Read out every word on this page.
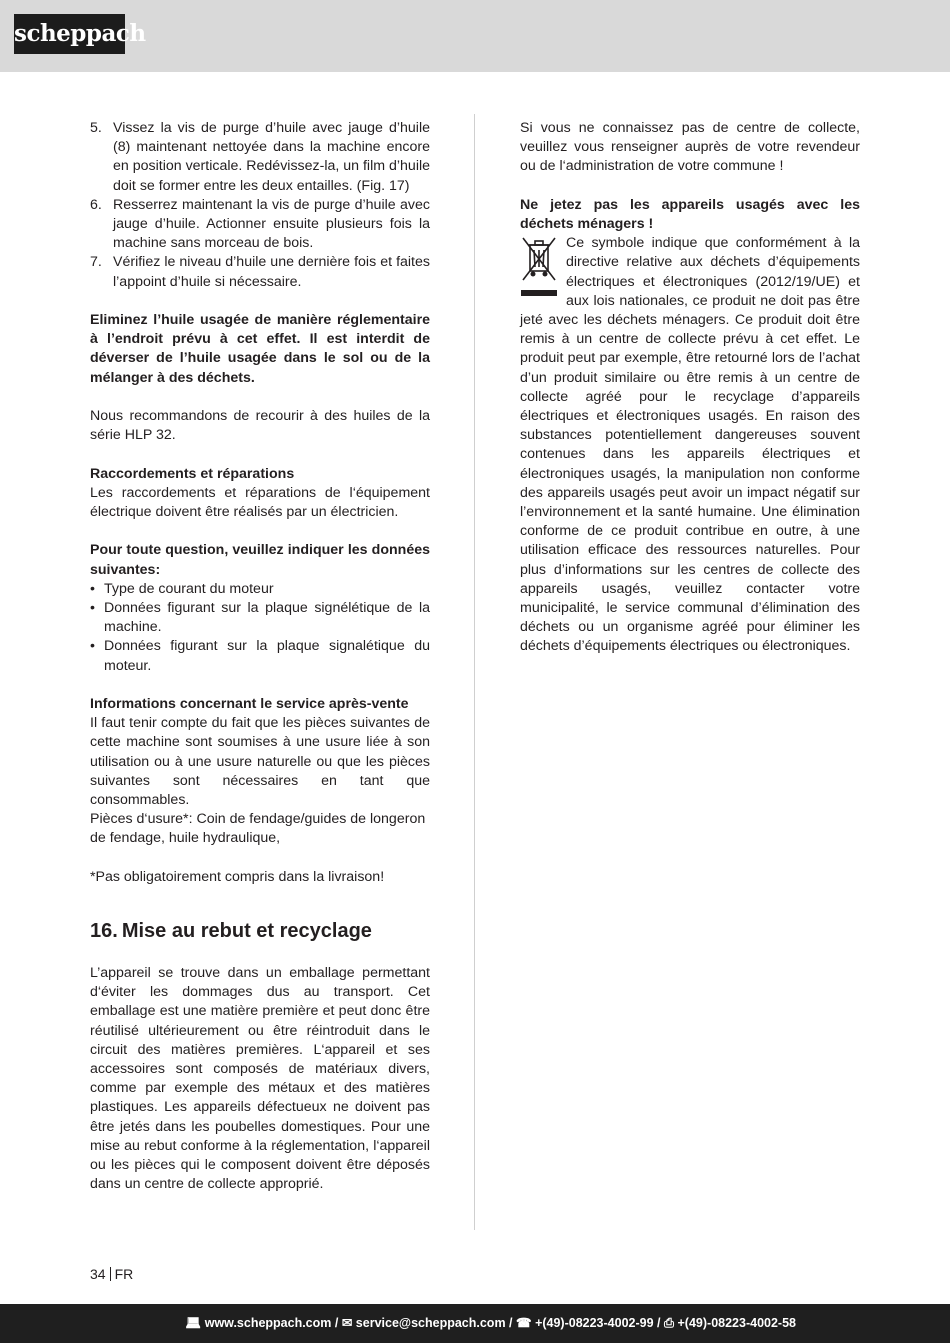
scheppach
5. Vissez la vis de purge d’huile avec jauge d’huile (8) maintenant nettoyée dans la machine encore en position verticale. Redévissez-la, un film d’huile doit se former entre les deux entailles. (Fig. 17)
6. Resserrez maintenant la vis de purge d’huile avec jauge d’huile. Actionner ensuite plusieurs fois la machine sans morceau de bois.
7. Vérifiez le niveau d’huile une dernière fois et faites l’appoint d’huile si nécessaire.

Eliminez l’huile usagée de manière réglementaire à l’endroit prévu à cet effet. Il est interdit de déverser de l’huile usagée dans le sol ou de la mélanger à des déchets.

Nous recommandons de recourir à des huiles de la série HLP 32.

Raccordements et réparations

Les raccordements et réparations de l‘équipement électrique doivent être réalisés par un électricien.

Pour toute question, veuillez indiquer les données suivantes:

• Type de courant du moteur
• Données figurant sur la plaque signélétique de la machine.
• Données figurant sur la plaque signalétique du moteur.

Informations concernant le service après-vente

Il faut tenir compte du fait que les pièces suivantes de cette machine sont soumises à une usure liée à son utilisation ou à une usure naturelle ou que les pièces suivantes sont nécessaires en tant que consommables.

Pièces d‘usure*: Coin de fendage/guides de longeron de fendage, huile hydraulique,

*Pas obligatoirement compris dans la livraison!

16. Mise au rebut et recyclage

L’appareil se trouve dans un emballage permettant d‘éviter les dommages dus au transport. Cet emballage est une matière première et peut donc être réutilisé ultérieurement ou être réintroduit dans le circuit des matières premières. L‘appareil et ses accessoires sont composés de matériaux divers, comme par exemple des métaux et des matières plastiques. Les appareils défectueux ne doivent pas être jetés dans les poubelles domestiques. Pour une mise au rebut conforme à la réglementation, l‘appareil ou les pièces qui le composent doivent être déposés dans un centre de collecte approprié.

Si vous ne connaissez pas de centre de collecte, veuillez vous renseigner auprès de votre revendeur ou de l‘administration de votre commune !

Ne jetez pas les appareils usagés avec les déchets ménagers !

Ce symbole indique que conformément à la directive relative aux déchets d’équipements électriques et électroniques (2012/19/UE) et aux lois nationales, ce produit ne doit pas être jeté avec les déchets ménagers. Ce produit doit être remis à un centre de collecte prévu à cet effet. Le produit peut par exemple, être retourné lors de l’achat d’un produit similaire ou être remis à un centre de collecte agréé pour le recyclage d’appareils électriques et électroniques usagés. En raison des substances potentiellement dangereuses souvent contenues dans les appareils électriques et électroniques usagés, la manipulation non conforme des appareils usagés peut avoir un impact négatif sur l’environnement et la santé humaine. Une élimination conforme de ce produit contribue en outre, à une utilisation efficace des ressources naturelles. Pour plus d’informations sur les centres de collecte des appareils usagés, veuillez contacter votre municipalité, le service communal d’élimination des déchets ou un organisme agréé pour éliminer les déchets d’équipements électriques ou électroniques.

34 FR
💻︎ www.scheppach.com / ✉ service@scheppach.com / ☎ +(49)-08223-4002-99 / ⎙ +(49)-08223-4002-58
